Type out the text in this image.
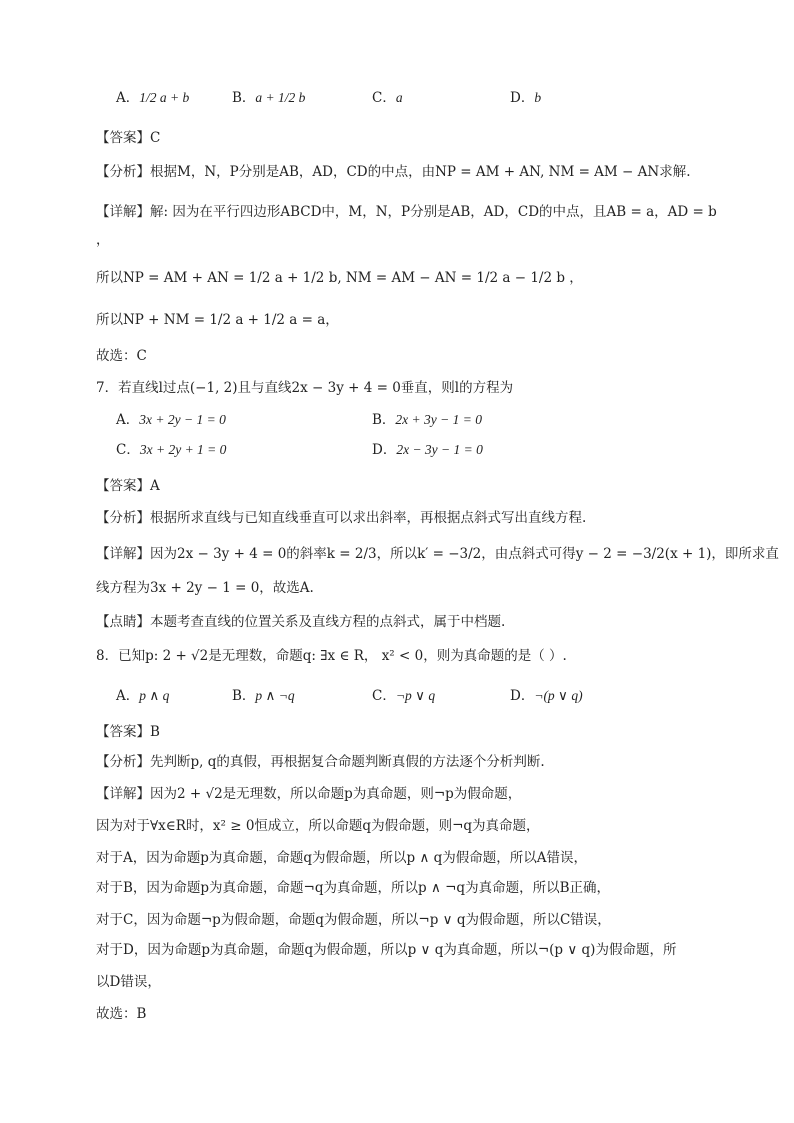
A．1/2 a + b	B．a + 1/2 b	C．a	D．b
【答案】C
【分析】根据M，N，P分别是AB，AD，CD的中点，由NP = AM + AN, NM = AM − AN求解.
【详解】解: 因为在平行四边形ABCD中，M，N，P分别是AB，AD，CD的中点，且AB = a，AD = b
，
所以NP = AM + AN = 1/2 a + 1/2 b, NM = AM − AN = 1/2 a − 1/2 b ，
所以NP + NM = 1/2 a + 1/2 a = a，
故选：C
7．若直线l过点(−1, 2)且与直线2x − 3y + 4 = 0垂直，则l的方程为
A．3x + 2y − 1 = 0	B．2x + 3y − 1 = 0
C．3x + 2y + 1 = 0	D．2x − 3y − 1 = 0
【答案】A
【分析】根据所求直线与已知直线垂直可以求出斜率，再根据点斜式写出直线方程.
【详解】因为2x − 3y + 4 = 0的斜率k = 2/3，所以k′ = −3/2，由点斜式可得y − 2 = −3/2(x + 1)，即所求直
线方程为3x + 2y − 1 = 0，故选A.
【点睛】本题考查直线的位置关系及直线方程的点斜式，属于中档题.
8．已知p: 2 + √2是无理数，命题q: ∃x ∈ R， x² < 0，则为真命题的是（ ）.
A．p ∧ q	B．p ∧ ¬q	C．¬p ∨ q	D．¬(p ∨ q)
【答案】B
【分析】先判断p, q的真假，再根据复合命题判断真假的方法逐个分析判断.
【详解】因为2 + √2是无理数，所以命题p为真命题，则¬p为假命题，
因为对于∀x∈R时，x² ≥ 0恒成立，所以命题q为假命题，则¬q为真命题，
对于A，因为命题p为真命题，命题q为假命题，所以p ∧ q为假命题，所以A错误，
对于B，因为命题p为真命题，命题¬q为真命题，所以p ∧ ¬q为真命题，所以B正确，
对于C，因为命题¬p为假命题，命题q为假命题，所以¬p ∨ q为假命题，所以C错误，
对于D，因为命题p为真命题，命题q为假命题，所以p ∨ q为真命题，所以¬(p ∨ q)为假命题，所
以D错误，
故选：B
